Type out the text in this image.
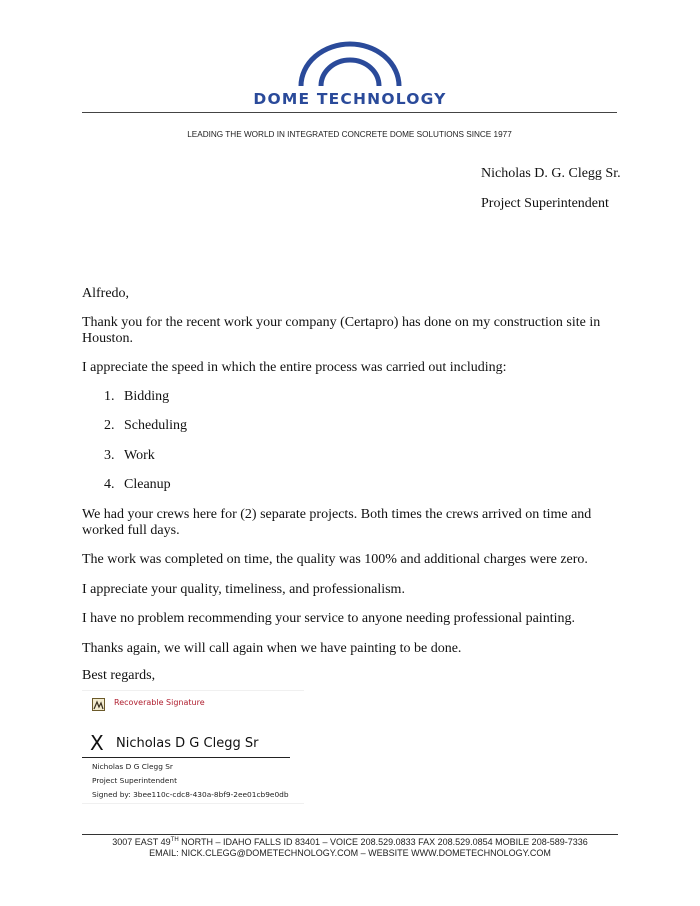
DOME TECHNOLOGY
LEADING THE WORLD IN INTEGRATED CONCRETE DOME SOLUTIONS SINCE 1977
Nicholas D. G. Clegg Sr.
Project Superintendent
Alfredo,
Thank you for the recent work your company (Certapro) has done on my construction site in Houston.
I appreciate the speed in which the entire process was carried out including:
1. Bidding
2. Scheduling
3. Work
4. Cleanup
We had your crews here for (2) separate projects. Both times the crews arrived on time and worked full days.
The work was completed on time, the quality was 100% and additional charges were zero.
I appreciate your quality, timeliness, and professionalism.
I have no problem recommending your service to anyone needing professional painting.
Thanks again, we will call again when we have painting to be done.
Best regards,
Recoverable Signature
X Nicholas D G Clegg Sr
Nicholas D G Clegg Sr
Project Superintendent
Signed by: 3bee110c-cdc8-430a-8bf9-2ee01cb9e0db
3007 EAST 49TH NORTH – IDAHO FALLS ID 83401 – VOICE 208.529.0833 FAX 208.529.0854 MOBILE 208-589-7336
EMAIL: NICK.CLEGG@DOMETECHNOLOGY.COM – WEBSITE WWW.DOMETECHNOLOGY.COM
